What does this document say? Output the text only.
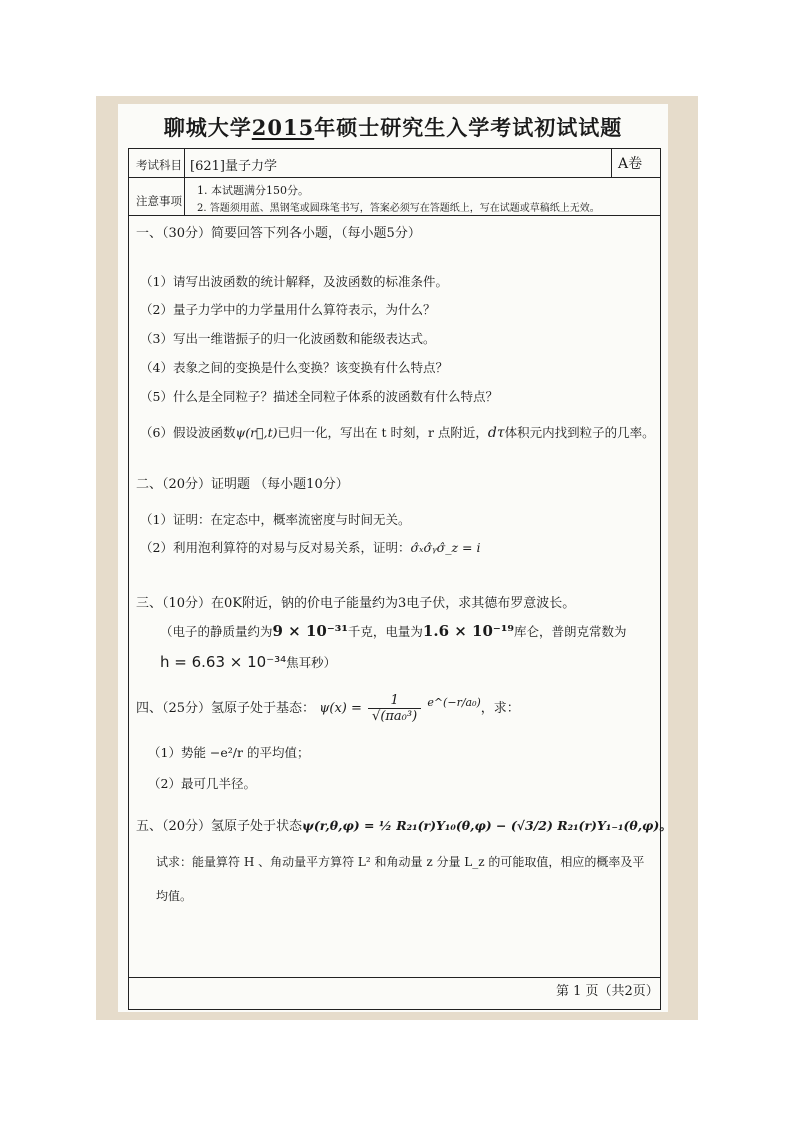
聊城大学2015年硕士研究生入学考试初试试题
考试科目 [621]量子力学	A卷
注意事项
1. 本试题满分150分。
2. 答题须用蓝、黑钢笔或圆珠笔书写，答案必须写在答题纸上，写在试题或草稿纸上无效。
一、（30分）简要回答下列各小题，（每小题5分）
（1）请写出波函数的统计解释，及波函数的标准条件。
（2）量子力学中的力学量用什么算符表示，为什么？
（3）写出一维谐振子的归一化波函数和能级表达式。
（4）表象之间的变换是什么变换？该变换有什么特点？
（5）什么是全同粒子？描述全同粒子体系的波函数有什么特点？
（6）假设波函数ψ(r⃗,t)已归一化，写出在 t 时刻，r 点附近，dτ体积元内找到粒子的几率。
二、（20分）证明题 （每小题10分）
（1）证明：在定态中，概率流密度与时间无关。
（2）利用泡利算符的对易与反对易关系，证明：σ̂ₓσ̂ᵧσ̂_z = i
三、（10分）在0K附近，钠的价电子能量约为3电子伏，求其德布罗意波长。
（电子的静质量约为9 × 10⁻³¹千克，电量为1.6 × 10⁻¹⁹库仑，普朗克常数为
h = 6.63 × 10⁻³⁴焦耳秒）
四、（25分）氢原子处于基态： $\psi(x) = \frac{1}{\text{√(πa₀³)}} ^{e\^{}(-r/a_0)}$，求：
（1）势能 −e²/r 的平均值；
（2）最可几半径。
五、（20分）氢原子处于状态ψ(r,θ,φ) = ½ R₂₁(r)Y₁₀(θ,φ) − (√3/2) R₂₁(r)Y₁₋₁(θ,φ)。
试求：能量算符 H 、角动量平方算符 L² 和角动量 z 分量 L_z 的可能取值，相应的概率及平
均值。
第 1 页（共2页）
